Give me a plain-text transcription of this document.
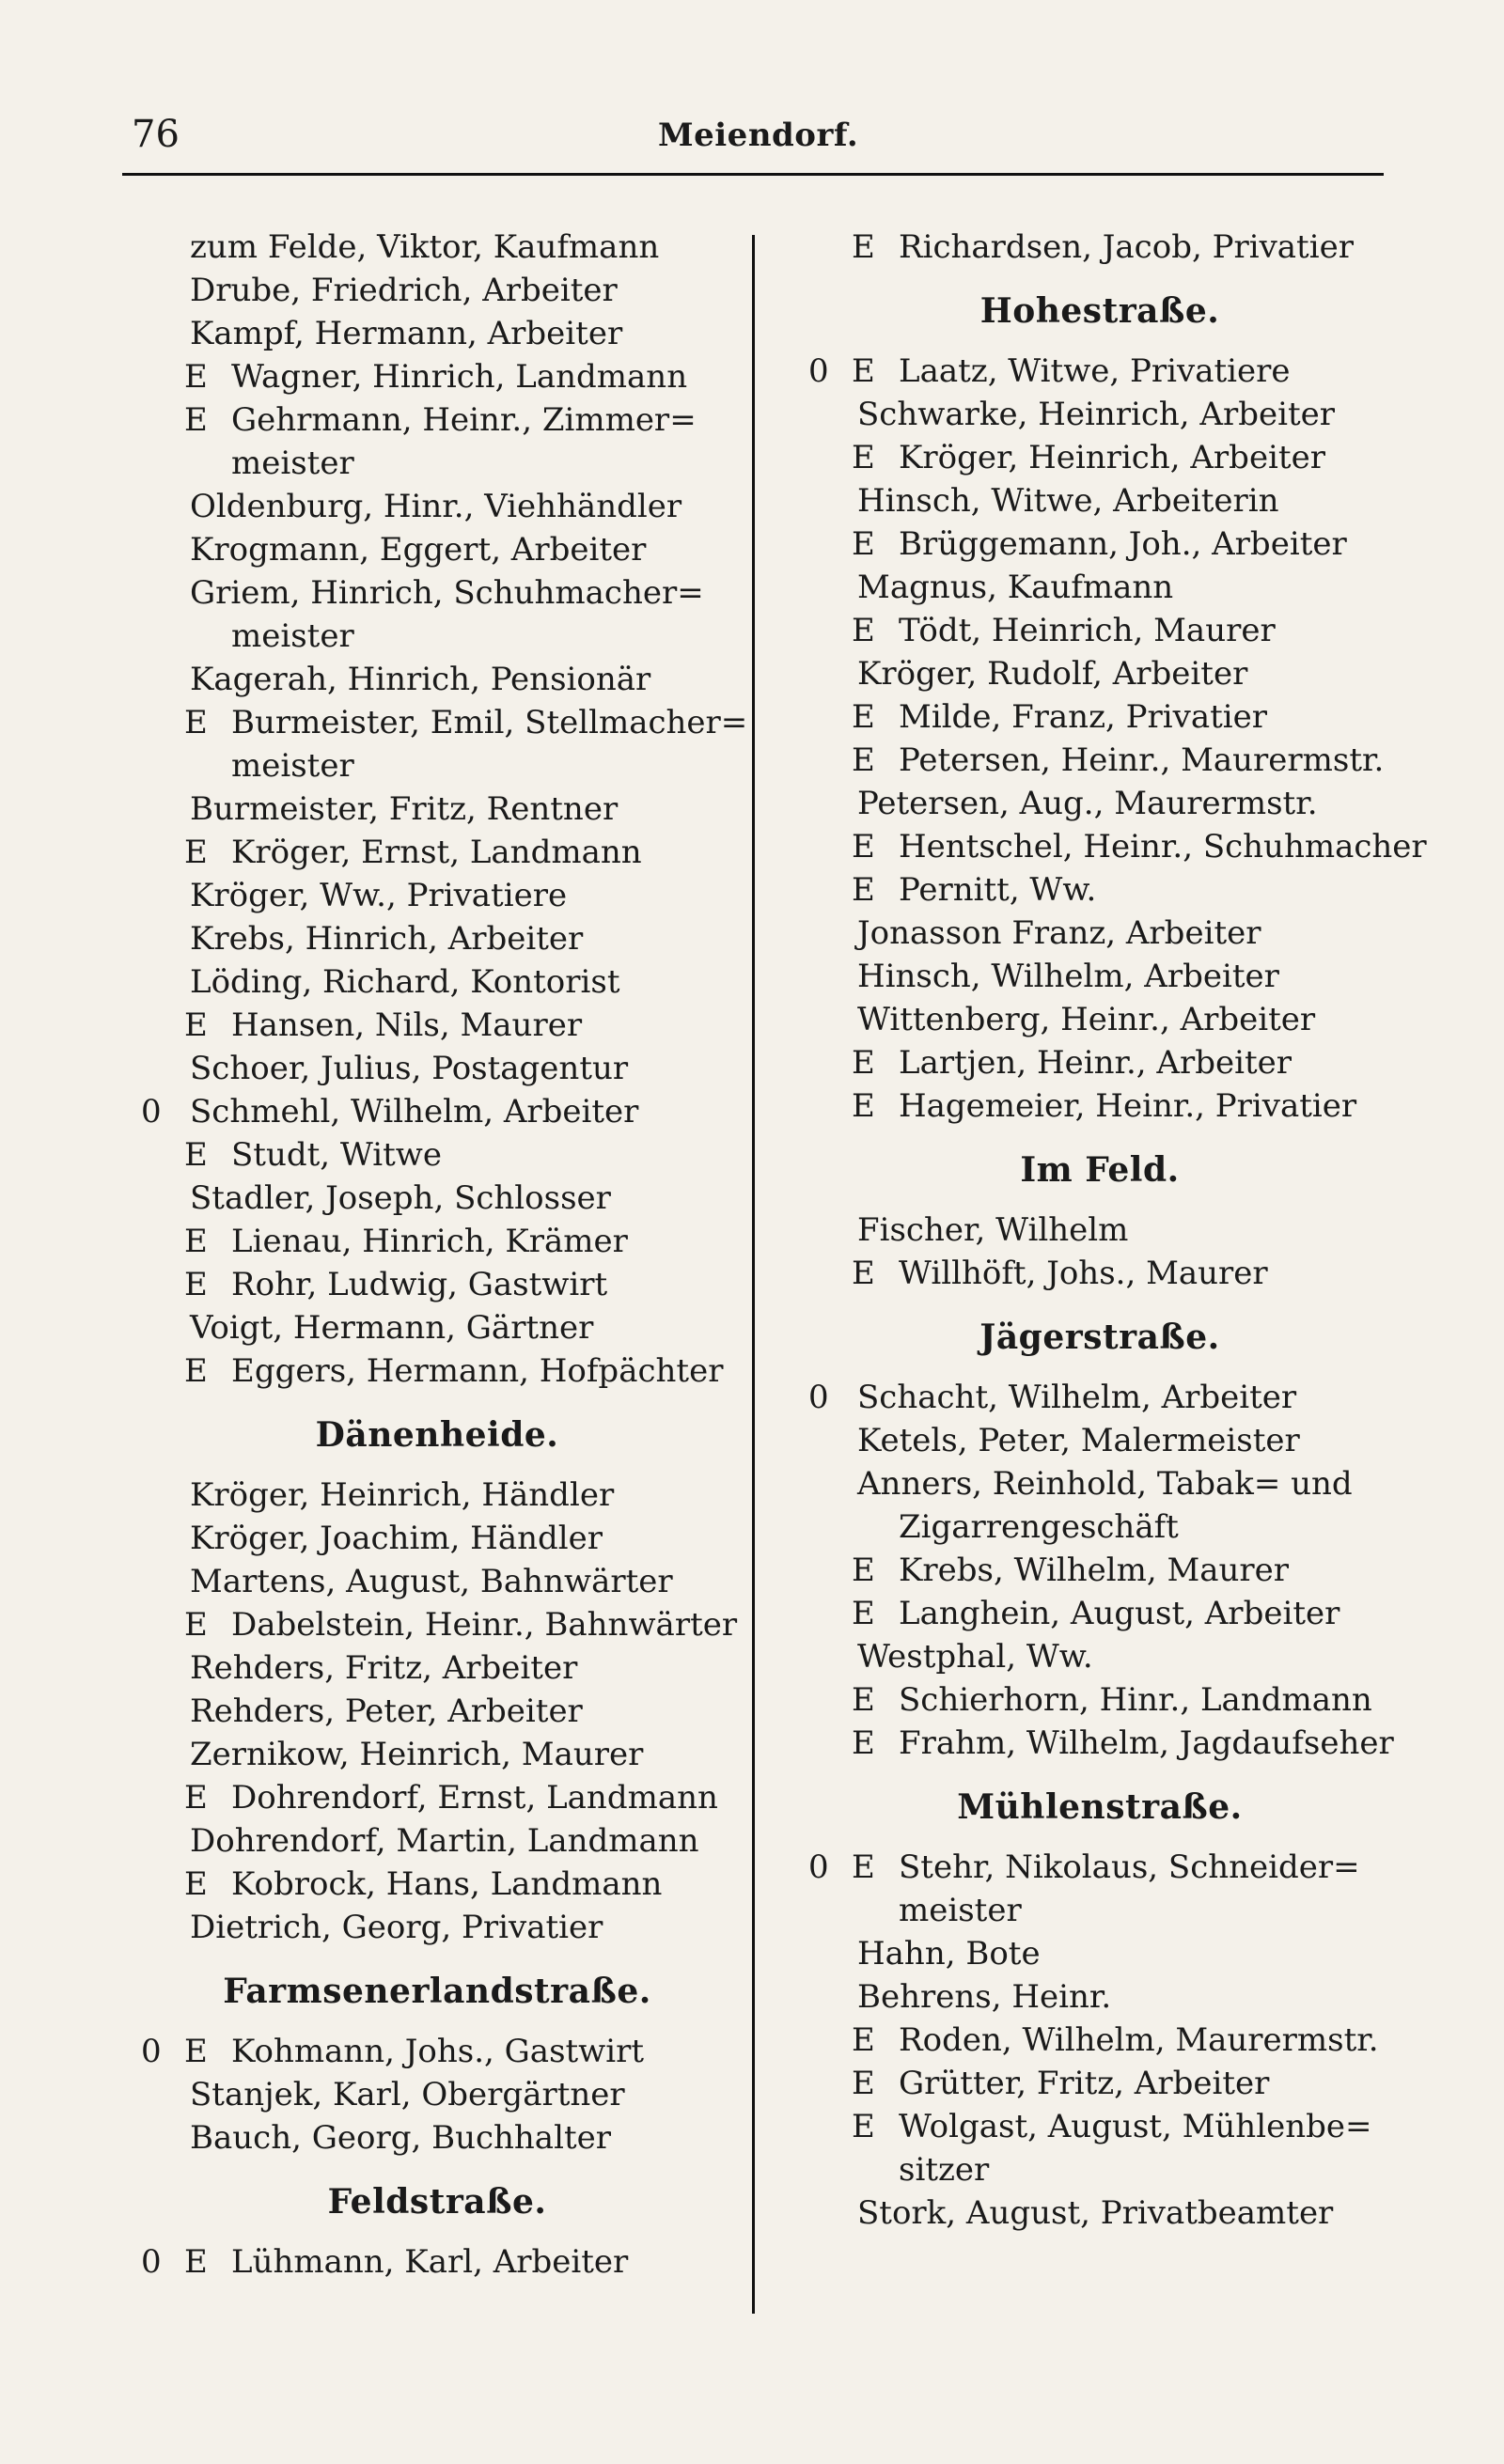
76	Meiendorf.
zum Felde, Viktor, Kaufmann
Drube, Friedrich, Arbeiter
Kampf, Hermann, Arbeiter
E Wagner, Hinrich, Landmann
E Gehrmann, Heinr., Zimmer=
meister
Oldenburg, Hinr., Viehhändler
Krogmann, Eggert, Arbeiter
Griem, Hinrich, Schuhmacher=
meister
Kagerah, Hinrich, Pensionär
E Burmeister, Emil, Stellmacher=
meister
Burmeister, Fritz, Rentner
E Kröger, Ernst, Landmann
Kröger, Ww., Privatiere
Krebs, Hinrich, Arbeiter
Löding, Richard, Kontorist
E Hansen, Nils, Maurer
Schoer, Julius, Postagentur
0 Schmehl, Wilhelm, Arbeiter
E Studt, Witwe
Stadler, Joseph, Schlosser
E Lienau, Hinrich, Krämer
E Rohr, Ludwig, Gastwirt
Voigt, Hermann, Gärtner
E Eggers, Hermann, Hofpächter
Dänenheide.
Kröger, Heinrich, Händler
Kröger, Joachim, Händler
Martens, August, Bahnwärter
E Dabelstein, Heinr., Bahnwärter
Rehders, Fritz, Arbeiter
Rehders, Peter, Arbeiter
Zernikow, Heinrich, Maurer
E Dohrendorf, Ernst, Landmann
Dohrendorf, Martin, Landmann
E Kobrock, Hans, Landmann
Dietrich, Georg, Privatier
Farmsenerlandstraße.
0 E Kohmann, Johs., Gastwirt
Stanjek, Karl, Obergärtner
Bauch, Georg, Buchhalter
Feldstraße.
0 E Lühmann, Karl, Arbeiter
E Richardsen, Jacob, Privatier
Hohestraße.
0 E Laatz, Witwe, Privatiere
Schwarke, Heinrich, Arbeiter
E Kröger, Heinrich, Arbeiter
Hinsch, Witwe, Arbeiterin
E Brüggemann, Joh., Arbeiter
Magnus, Kaufmann
E Tödt, Heinrich, Maurer
Kröger, Rudolf, Arbeiter
E Milde, Franz, Privatier
E Petersen, Heinr., Maurermstr.
Petersen, Aug., Maurermstr.
E Hentschel, Heinr., Schuhmacher
E Pernitt, Ww.
Jonasson Franz, Arbeiter
Hinsch, Wilhelm, Arbeiter
Wittenberg, Heinr., Arbeiter
E Lartjen, Heinr., Arbeiter
E Hagemeier, Heinr., Privatier
Im Feld.
Fischer, Wilhelm
E Willhöft, Johs., Maurer
Jägerstraße.
0 Schacht, Wilhelm, Arbeiter
Ketels, Peter, Malermeister
Anners, Reinhold, Tabak= und
Zigarrengeschäft
E Krebs, Wilhelm, Maurer
E Langhein, August, Arbeiter
Westphal, Ww.
E Schierhorn, Hinr., Landmann
E Frahm, Wilhelm, Jagdaufseher
Mühlenstraße.
0 E Stehr, Nikolaus, Schneider=
meister
Hahn, Bote
Behrens, Heinr.
E Roden, Wilhelm, Maurermstr.
E Grütter, Fritz, Arbeiter
E Wolgast, August, Mühlenbe=
sitzer
Stork, August, Privatbeamter
